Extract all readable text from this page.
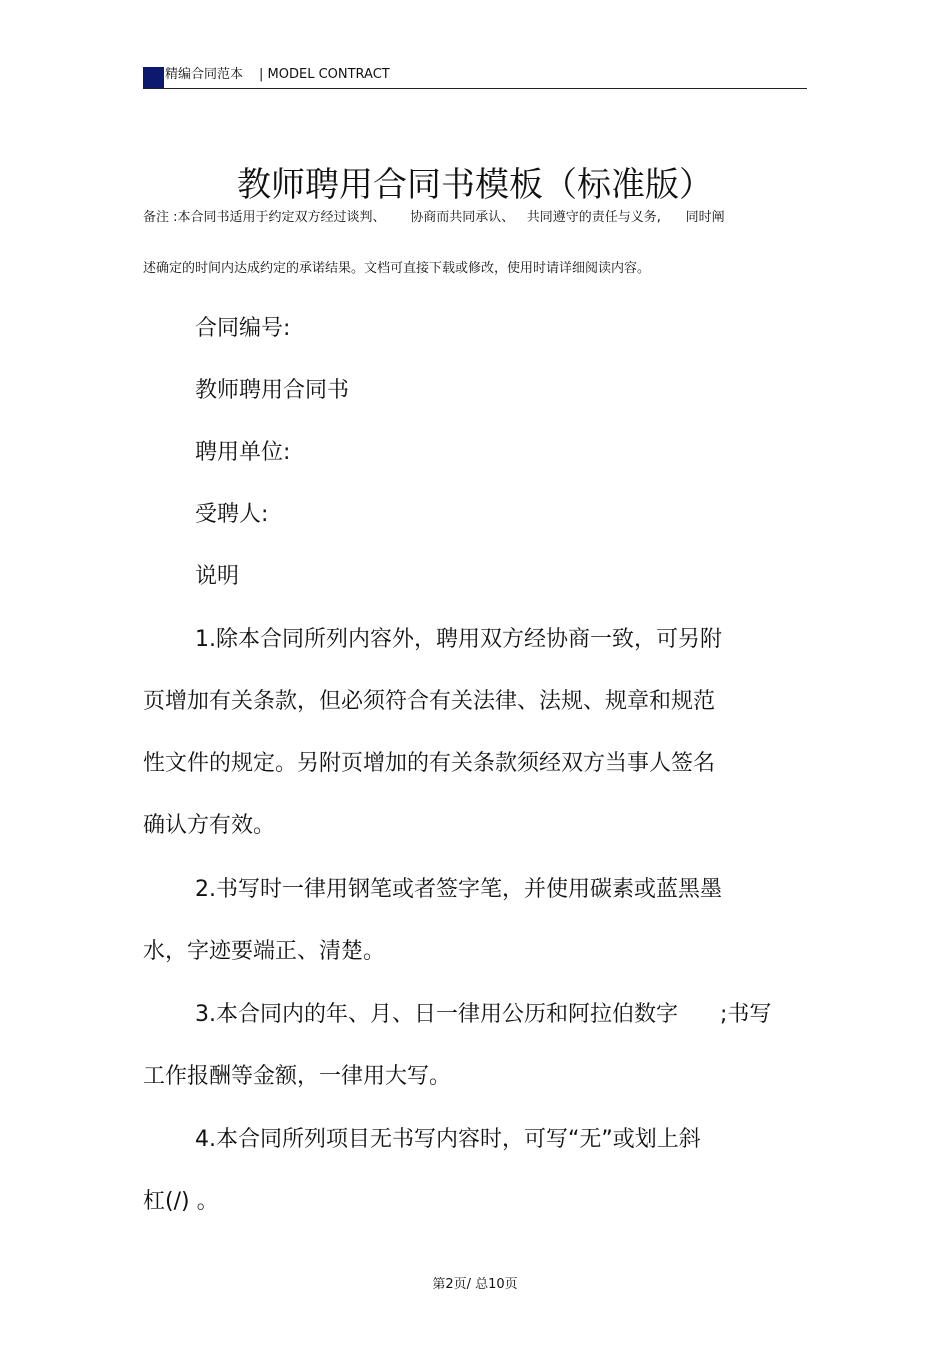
精编合同范本 | MODEL CONTRACT
教师聘用合同书模板（标准版）
备注 :本合同书适用于约定双方经过谈判、      协商而共同承认、   共同遵守的责任与义务,      同时阐
述确定的时间内达成约定的承诺结果。文档可直接下载或修改，使用时请详细阅读内容。
合同编号:
教师聘用合同书
聘用单位:
受聘人:
说明
1.除本合同所列内容外，聘用双方经协商一致，可另附
页增加有关条款，但必须符合有关法律、法规、规章和规范
性文件的规定。另附页增加的有关条款须经双方当事人签名
确认方有效。
2.书写时一律用钢笔或者签字笔，并使用碳素或蓝黑墨
水，字迹要端正、清楚。
3.本合同内的年、月、日一律用公历和阿拉伯数字      ;书写
工作报酬等金额，一律用大写。
4.本合同所列项目无书写内容时，可写“无”或划上斜
杠(/) 。
第2页/ 总10页
